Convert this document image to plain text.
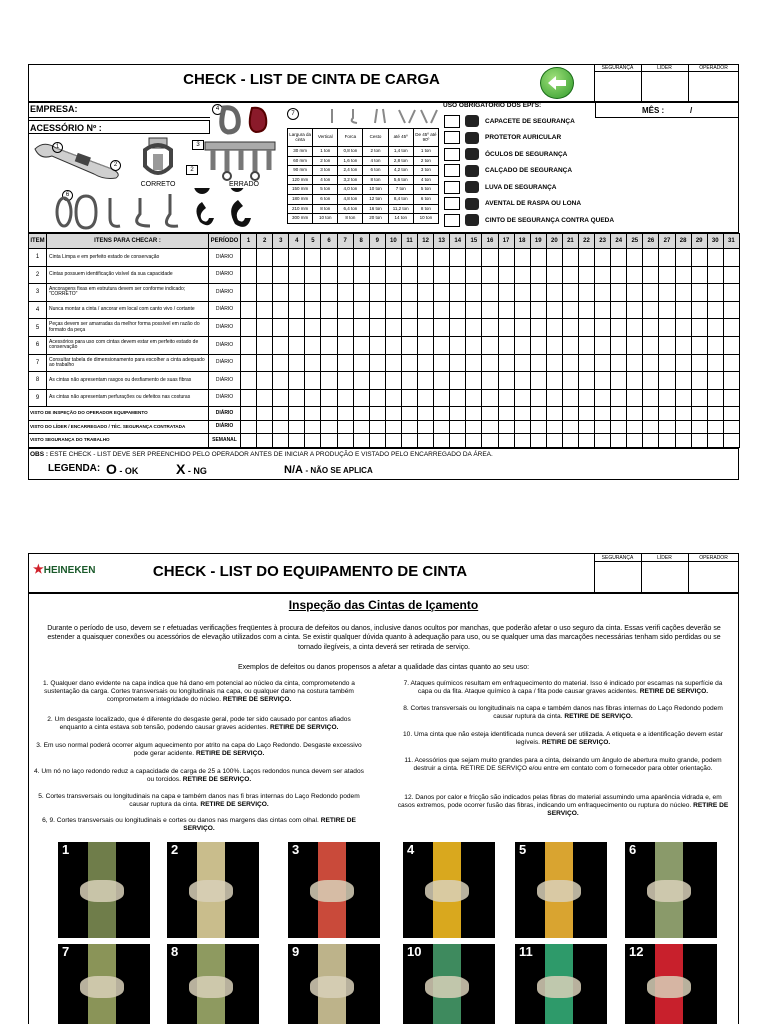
CHECK - LIST DE CINTA DE CARGA
SEGURANÇA	LÍDER	OPERADOR
EMPRESA:
ACESSÓRIO Nº :
1
2
CORRETO
3
2
ERRADO
4
6
7
Largura da cinta	Vertical	Forca	Cesto	até 45º	De 45º até 90º
30 mm	1 ton	0,8 ton	2 ton	1,4 ton	1 ton
60 mm	2 ton	1,6 ton	4 ton	2,8 ton	2 ton
90 mm	3 ton	2,4 ton	6 ton	4,2 ton	3 ton
120 mm	4 ton	3,2 ton	8 ton	5,6 ton	4 ton
150 mm	5 ton	4,0 ton	10 ton	7 ton	5 ton
180 mm	6 ton	4,8 ton	12 ton	8,4 ton	6 ton
210 mm	8 ton	6,4 ton	16 ton	11,2 ton	8 ton
300 mm	10 ton	8 ton	20 ton	14 ton	10 ton
USO OBRIGATÓRIO DOS EPI'S:
MÊS :	/
CAPACETE DE SEGURANÇA
PROTETOR AURICULAR
ÓCULOS DE SEGURANÇA
CALÇADO DE SEGURANÇA
LUVA DE SEGURANÇA
AVENTAL DE RASPA OU LONA
CINTO DE SEGURANÇA CONTRA QUEDA
ITEM	ITENS PARA CHECAR :	PERÍODO	1	2	3	4	5	6	7	8	9	10	11	12	13	14	15	16	17	18	19	20	21	22	23	24	25	26	27	28	29	30	31
1	Cinta Limpa e em perfeito estado de conservação	DIÁRIO																															
2	Cintas possuem identificação visível da sua capacidade	DIÁRIO																															
3	Ancoragens fixas em estrutura devem ser conforme indicado; "CORRETO"	DIÁRIO																															
4	Nunca montar a cinta / ancorar em local com canto vivo / cortante	DIÁRIO																															
5	Peças devem ser amarradas da melhor forma possível em razão do formato da peça	DIÁRIO																															
6	Acessórios para uso com cintas devem estar em perfeito estado de conservação	DIÁRIO																															
7	Consultar tabela de dimensionamento para escolher a cinta adequado ao trabalho	DIÁRIO																															
8	As cintas não apresentam rasgos ou desfiamento de suas fibras	DIÁRIO																															
9	As cintas não apresentam perfurações ou defeitos nas costuras	DIÁRIO																															
VISTO DE INSPEÇÃO DO OPERADOR EQUIPAMENTO		DIÁRIO																															
VISTO DO LÍDER / ENCARREGADO / TÉC. SEGURANÇA CONTRATADA		DIÁRIO																															
VISTO SEGURANÇA DO TRABALHO		SEMANAL																															
OBS : ESTE CHECK - LIST DEVE SER PREENCHIDO PELO OPERADOR ANTES DE INICIAR A PRODUÇÃO E VISTADO PELO ENCARREGADO DA ÁREA.
LEGENDA: O - OK	X - NG	N/A - NÃO SE APLICA
★HEINEKEN	CHECK - LIST DO EQUIPAMENTO DE CINTA
SEGURANÇA	LÍDER	OPERADOR
Inspeção das Cintas de Içamento
Durante o período de uso, devem se r efetuadas verificações freqüentes à procura de defeitos ou danos, inclusive danos ocultos por manchas, que poderão afetar o uso seguro da cinta. Essas verifi cações deverão se estender a quaisquer conexões ou acessórios de elevação utilizados com a cinta. Se existir qualquer dúvida quanto à adequação para uso, ou se qualquer uma das marcações necessárias tenham sido perdidas ou se tornado ilegíveis, a cinta deverá ser retirada de serviço.
Exemplos de defeitos ou danos propensos a afetar a qualidade das cintas quanto ao seu uso:
1. Qualquer dano evidente na capa indica que há dano em potencial ao núcleo da cinta, comprometendo a sustentação da carga. Cortes transversais ou longitudinais na capa, ou qualquer dano na costura também comprometem a integridade do núcleo. RETIRE DE SERVIÇO.
2. Um desgaste localizado, que é diferente do desgaste geral, pode ter sido causado por cantos afiados enquanto a cinta estava sob tensão, podendo causar graves acidentes. RETIRE DE SERVIÇO.
3. Em uso normal poderá ocorrer algum aquecimento por atrito na capa do Laço Redondo. Desgaste excessivo pode gerar acidente. RETIRE DE SERVIÇO.
4. Um nó no laço redondo reduz a capacidade de carga de 25 a 100%. Laços redondos nunca devem ser atados ou torcidos. RETIRE DE SERVIÇO.
5. Cortes transversais ou longitudinais na capa e também danos nas fi bras internas do Laço Redondo podem causar ruptura da cinta. RETIRE DE SERVIÇO.
6, 9. Cortes transversais ou longitudinais e cortes ou danos nas margens das cintas com olhal. RETIRE DE SERVIÇO.
7. Ataques químicos resultam em enfraquecimento do material. Isso é indicado por escamas na superfície da capa ou da fita. Ataque químico à capa / fita pode causar graves acidentes. RETIRE DE SERVIÇO.
8. Cortes transversais ou longitudinais na capa e também danos nas fibras internas do Laço Redondo podem causar ruptura da cinta. RETIRE DE SERVIÇO.
10. Uma cinta que não esteja identificada nunca deverá ser utilizada. A etiqueta e a identificação devem estar legíveis. RETIRE DE SERVIÇO.
11. Acessórios que sejam muito grandes para a cinta, deixando um ângulo de abertura muito grande, podem destruir a cinta. RETIRE DE SERVIÇO e/ou entre em contato com o fornecedor para obter orientação.
12. Danos por calor e fricção são indicados pelas fibras do material assumindo uma aparência vidrada e, em casos extremos, pode ocorrer fusão das fibras, indicando um enfraquecimento ou ruptura do núcleo. RETIRE DE SERVIÇO.
1	2	3	4	5	6
7	8	9	10	11	12
